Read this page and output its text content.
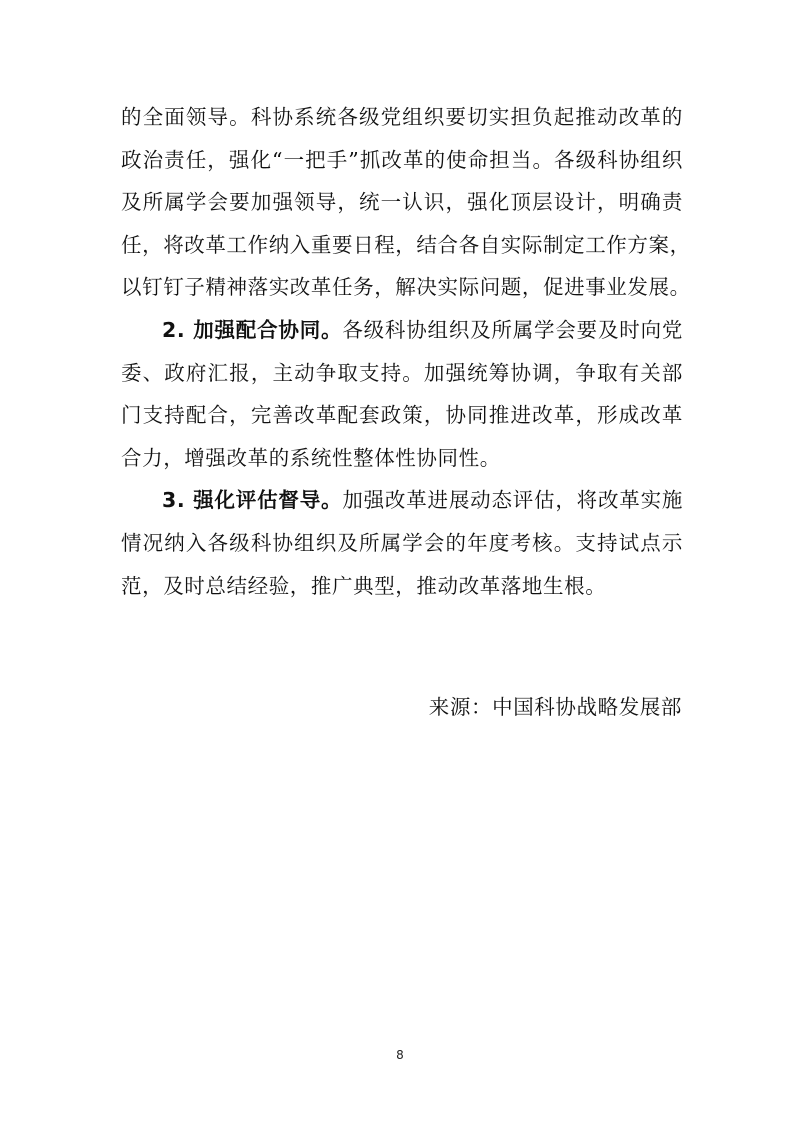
的全面领导。科协系统各级党组织要切实担负起推动改革的
政治责任，强化“一把手”抓改革的使命担当。各级科协组织
及所属学会要加强领导，统一认识，强化顶层设计，明确责
任，将改革工作纳入重要日程，结合各自实际制定工作方案，
以钉钉子精神落实改革任务，解决实际问题，促进事业发展。
2. 加强配合协同。各级科协组织及所属学会要及时向党
委、政府汇报，主动争取支持。加强统筹协调，争取有关部
门支持配合，完善改革配套政策，协同推进改革，形成改革
合力，增强改革的系统性整体性协同性。
3. 强化评估督导。加强改革进展动态评估，将改革实施
情况纳入各级科协组织及所属学会的年度考核。支持试点示
范，及时总结经验，推广典型，推动改革落地生根。
来源：中国科协战略发展部
8
